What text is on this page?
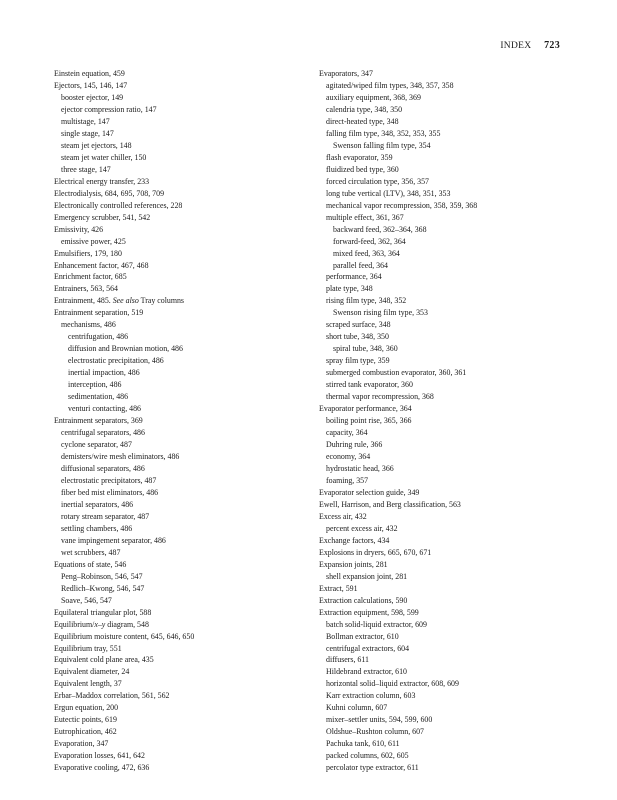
INDEX 723
Einstein equation, 459
Ejectors, 145, 146, 147
booster ejector, 149
ejector compression ratio, 147
multistage, 147
single stage, 147
steam jet ejectors, 148
steam jet water chiller, 150
three stage, 147
Electrical energy transfer, 233
Electrodialysis, 684, 695, 708, 709
Electronically controlled references, 228
Emergency scrubber, 541, 542
Emissivity, 426
emissive power, 425
Emulsifiers, 179, 180
Enhancement factor, 467, 468
Enrichment factor, 685
Entrainers, 563, 564
Entrainment, 485. See also Tray columns
Entrainment separation, 519
mechanisms, 486
centrifugation, 486
diffusion and Brownian motion, 486
electrostatic precipitation, 486
inertial impaction, 486
interception, 486
sedimentation, 486
venturi contacting, 486
Entrainment separators, 369
centrifugal separators, 486
cyclone separator, 487
demisters/wire mesh eliminators, 486
diffusional separators, 486
electrostatic precipitators, 487
fiber bed mist eliminators, 486
inertial separators, 486
rotary stream separator, 487
settling chambers, 486
vane impingement separator, 486
wet scrubbers, 487
Equations of state, 546
Peng–Robinson, 546, 547
Redlich–Kwong, 546, 547
Soave, 546, 547
Equilateral triangular plot, 588
Equilibrium/x–y diagram, 548
Equilibrium moisture content, 645, 646, 650
Equilibrium tray, 551
Equivalent cold plane area, 435
Equivalent diameter, 24
Equivalent length, 37
Erbar–Maddox correlation, 561, 562
Ergun equation, 200
Eutectic points, 619
Eutrophication, 462
Evaporation, 347
Evaporation losses, 641, 642
Evaporative cooling, 472, 636
Evaporators, 347
agitated/wiped film types, 348, 357, 358
auxiliary equipment, 368, 369
calendria type, 348, 350
direct-heated type, 348
falling film type, 348, 352, 353, 355
Swenson falling film type, 354
flash evaporator, 359
fluidized bed type, 360
forced circulation type, 356, 357
long tube vertical (LTV), 348, 351, 353
mechanical vapor recompression, 358, 359, 368
multiple effect, 361, 367
backward feed, 362–364, 368
forward-feed, 362, 364
mixed feed, 363, 364
parallel feed, 364
performance, 364
plate type, 348
rising film type, 348, 352
Swenson rising film type, 353
scraped surface, 348
short tube, 348, 350
spiral tube, 348, 360
spray film type, 359
submerged combustion evaporator, 360, 361
stirred tank evaporator, 360
thermal vapor recompression, 368
Evaporator performance, 364
boiling point rise, 365, 366
capacity, 364
Duhring rule, 366
economy, 364
hydrostatic head, 366
foaming, 357
Evaporator selection guide, 349
Ewell, Harrison, and Berg classification, 563
Excess air, 432
percent excess air, 432
Exchange factors, 434
Explosions in dryers, 665, 670, 671
Expansion joints, 281
shell expansion joint, 281
Extract, 591
Extraction calculations, 590
Extraction equipment, 598, 599
batch solid-liquid extractor, 609
Bollman extractor, 610
centrifugal extractors, 604
diffusers, 611
Hildebrand extractor, 610
horizontal solid–liquid extractor, 608, 609
Karr extraction column, 603
Kuhni column, 607
mixer–settler units, 594, 599, 600
Oldshue–Rushton column, 607
Pachuka tank, 610, 611
packed columns, 602, 605
percolator type extractor, 611
